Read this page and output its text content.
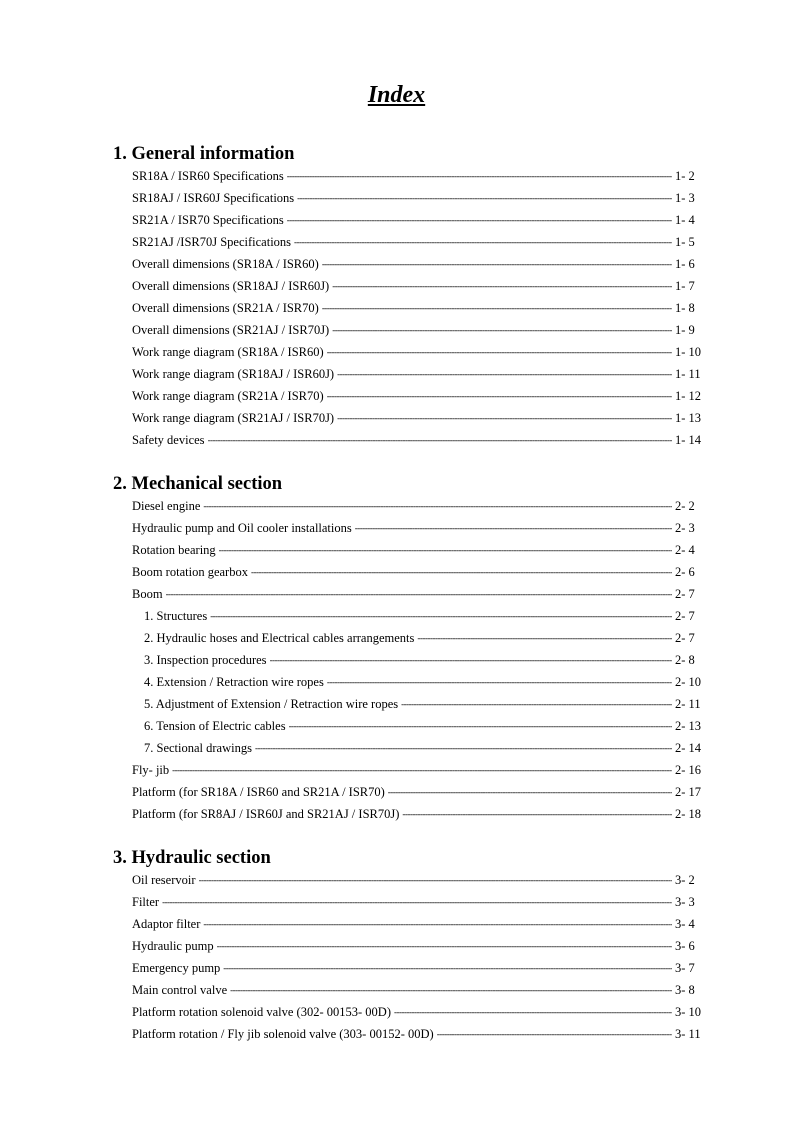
Index
1. General information
SR18A / ISR60 Specifications -----	1- 2
SR18AJ / ISR60J Specifications -----	1- 3
SR21A / ISR70 Specifications -----	1- 4
SR21AJ /ISR70J Specifications -----	1- 5
Overall dimensions (SR18A / ISR60) -----	1- 6
Overall dimensions (SR18AJ / ISR60J) -----	1- 7
Overall dimensions (SR21A / ISR70) -----	1- 8
Overall dimensions (SR21AJ / ISR70J) -----	1- 9
Work range diagram (SR18A / ISR60) -----	1- 10
Work range diagram (SR18AJ / ISR60J) -----	1- 11
Work range diagram (SR21A / ISR70) -----	1- 12
Work range diagram (SR21AJ / ISR70J) -----	1- 13
Safety devices -----	1- 14
2. Mechanical section
Diesel engine -----	2- 2
Hydraulic pump and Oil cooler installations -----	2- 3
Rotation bearing -----	2- 4
Boom rotation gearbox -----	2- 6
Boom -----	2- 7
1. Structures -----	2- 7
2. Hydraulic hoses and Electrical cables arrangements -----	2- 7
3. Inspection procedures -----	2- 8
4. Extension / Retraction wire ropes -----	2- 10
5. Adjustment of Extension / Retraction wire ropes -----	2- 11
6. Tension of Electric cables -----	2- 13
7. Sectional drawings -----	2- 14
Fly- jib -----	2- 16
Platform (for SR18A / ISR60 and SR21A / ISR70) -----	2- 17
Platform (for SR8AJ / ISR60J and SR21AJ / ISR70J) -----	2- 18
3. Hydraulic section
Oil reservoir -----	3- 2
Filter -----	3- 3
Adaptor filter -----	3- 4
Hydraulic pump -----	3- 6
Emergency pump -----	3- 7
Main control valve -----	3- 8
Platform rotation solenoid valve (302- 00153- 00D) -----	3- 10
Platform rotation / Fly jib solenoid valve (303- 00152- 00D) -----	3- 11
